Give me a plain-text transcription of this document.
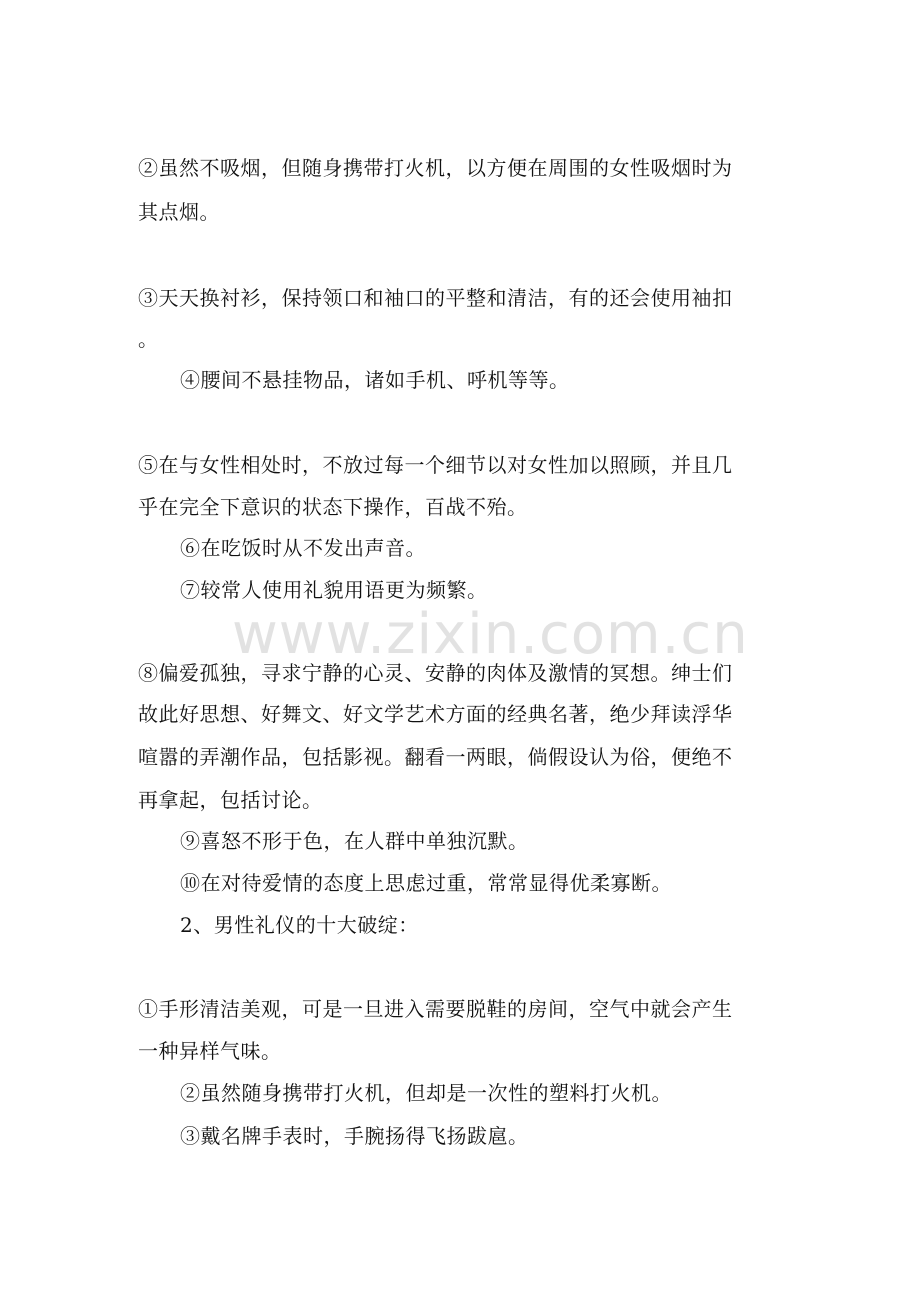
www.zixin.com.cn
②虽然不吸烟，但随身携带打火机，以方便在周围的女性吸烟时为
其点烟。
③天天换衬衫，保持领口和袖口的平整和清洁，有的还会使用袖扣
。
④腰间不悬挂物品，诸如手机、呼机等等。
⑤在与女性相处时，不放过每一个细节以对女性加以照顾，并且几
乎在完全下意识的状态下操作，百战不殆。
⑥在吃饭时从不发出声音。
⑦较常人使用礼貌用语更为频繁。
⑧偏爱孤独，寻求宁静的心灵、安静的肉体及激情的冥想。绅士们
故此好思想、好舞文、好文学艺术方面的经典名著，绝少拜读浮华
喧嚣的弄潮作品，包括影视。翻看一两眼，倘假设认为俗，便绝不
再拿起，包括讨论。
⑨喜怒不形于色，在人群中单独沉默。
⑩在对待爱情的态度上思虑过重，常常显得优柔寡断。
2、男性礼仪的十大破绽：
①手形清洁美观，可是一旦进入需要脱鞋的房间，空气中就会产生
一种异样气味。
②虽然随身携带打火机，但却是一次性的塑料打火机。
③戴名牌手表时，手腕扬得飞扬跋扈。
